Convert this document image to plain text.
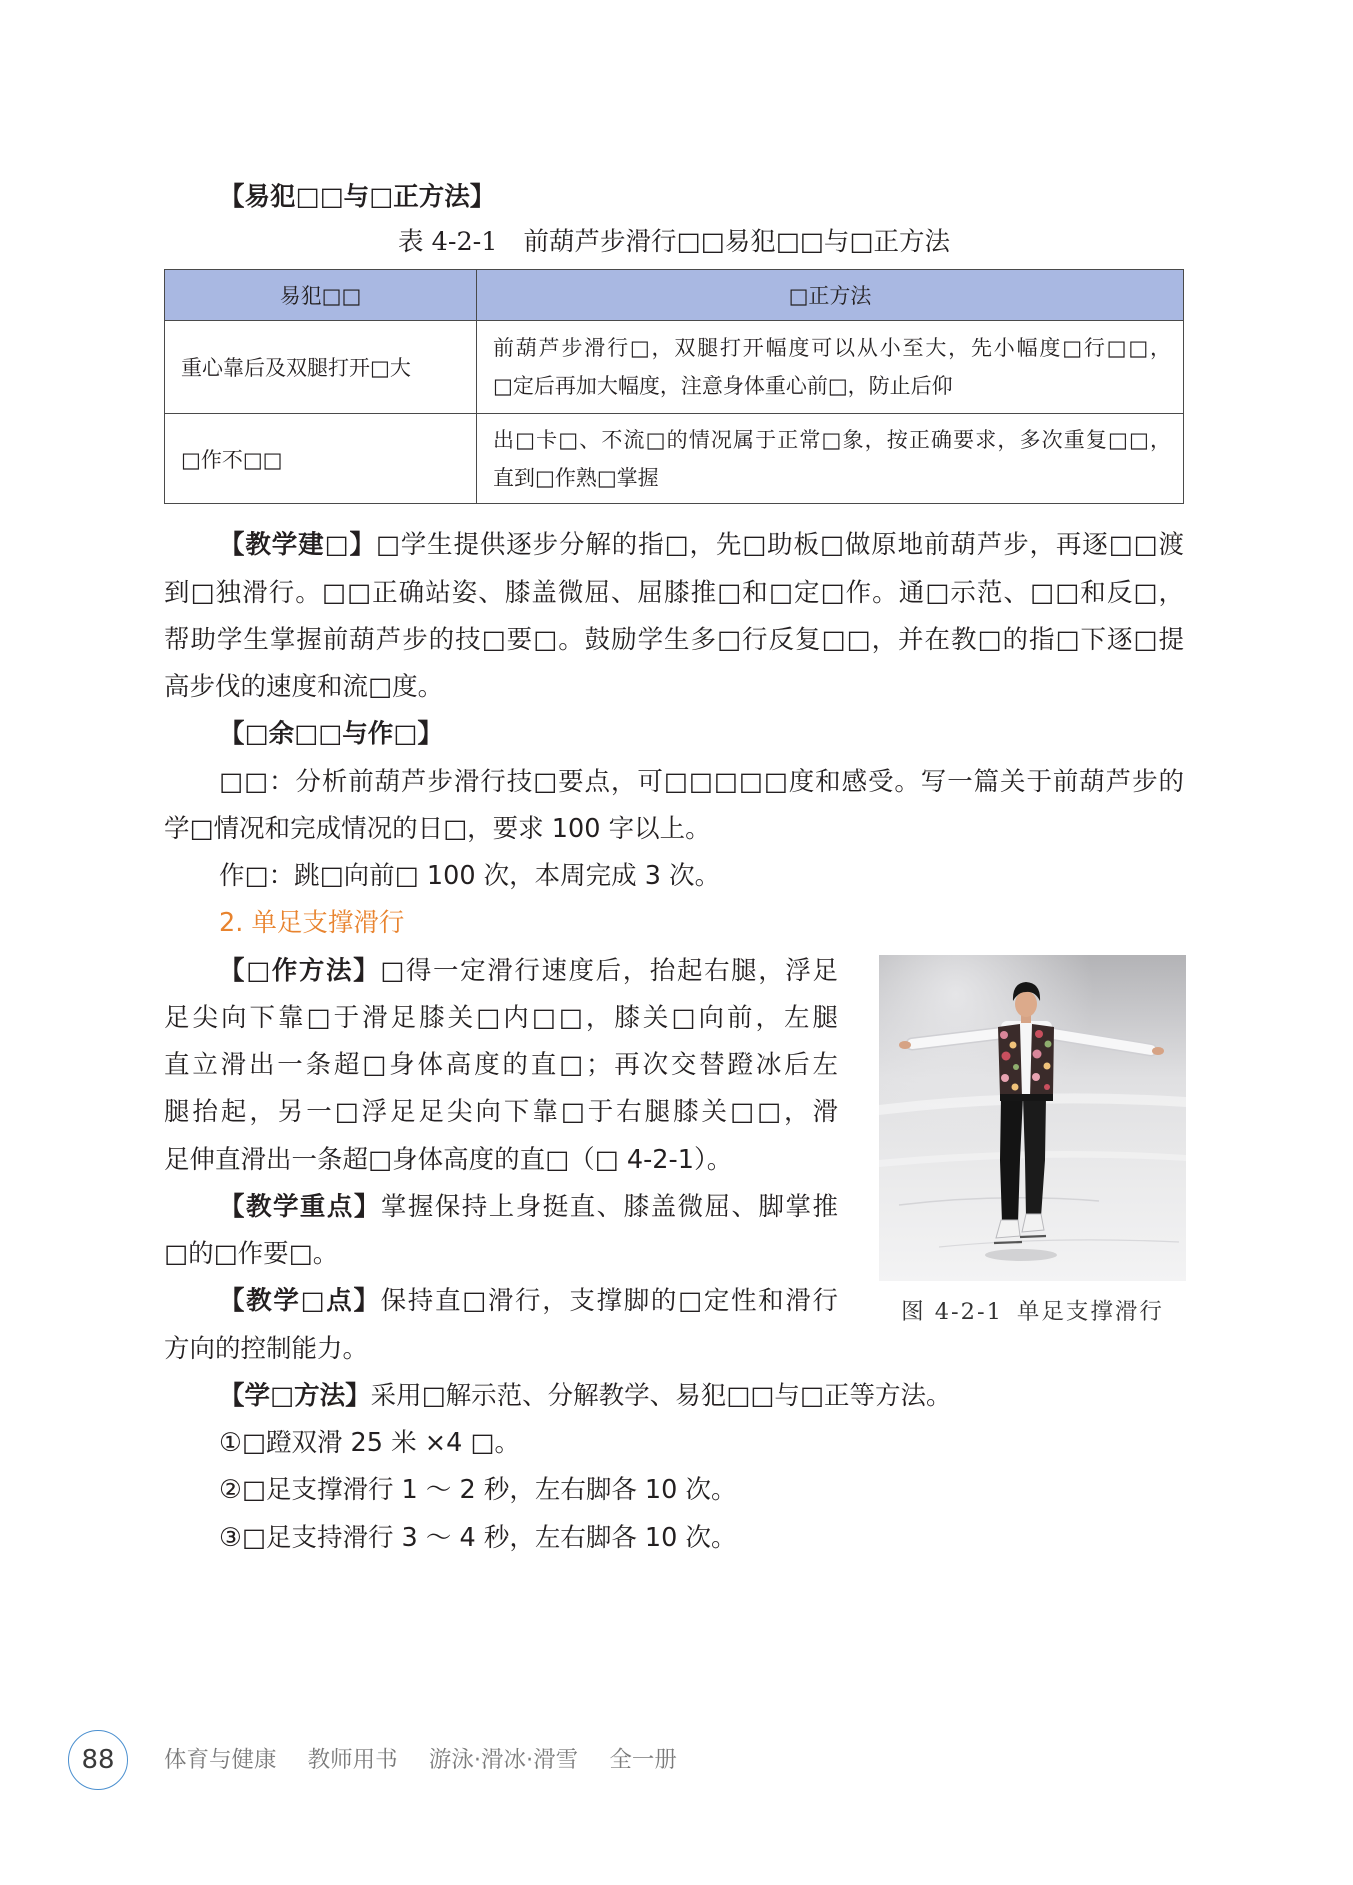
【易犯□□与□正方法】
表 4-2-1 前葫芦步滑行□□易犯□□与□正方法
易犯□□	□正方法
重心靠后及双腿打开□大
前葫芦步滑行□，双腿打开幅度可以从小至大，先小幅度□行□□，
□定后再加大幅度，注意身体重心前□，防止后仰
□作不□□
出□卡□、不流□的情况属于正常□象，按正确要求，多次重复□□，
直到□作熟□掌握
【教学建□】□学生提供逐步分解的指□，先□助板□做原地前葫芦步，再逐□□渡
到□独滑行。□□正确站姿、膝盖微屈、屈膝推□和□定□作。通□示范、□□和反□，
帮助学生掌握前葫芦步的技□要□。鼓励学生多□行反复□□，并在教□的指□下逐□提
高步伐的速度和流□度。
【□余□□与作□】
□□：分析前葫芦步滑行技□要点，可□□□□□度和感受。写一篇关于前葫芦步的
学□情况和完成情况的日□，要求 100 字以上。
作□：跳□向前□ 100 次，本周完成 3 次。
2. 单足支撑滑行
【□作方法】□得一定滑行速度后，抬起右腿，浮足
足尖向下靠□于滑足膝关□内□□，膝关□向前，左腿
直立滑出一条超□身体高度的直□；再次交替蹬冰后左
腿抬起，另一□浮足足尖向下靠□于右腿膝关□□，滑
足伸直滑出一条超□身体高度的直□（□ 4-2-1）。
【教学重点】掌握保持上身挺直、膝盖微屈、脚掌推
□的□作要□。
【教学□点】保持直□滑行，支撑脚的□定性和滑行
方向的控制能力。
【学□方法】采用□解示范、分解教学、易犯□□与□正等方法。
①□蹬双滑 25 米 ×4 □。
②□足支撑滑行 1 ～ 2 秒，左右脚各 10 次。
③□足支持滑行 3 ～ 4 秒，左右脚各 10 次。
图 4-2-1 单足支撑滑行
88 体育与健康 教师用书 游泳·滑冰·滑雪 全一册
